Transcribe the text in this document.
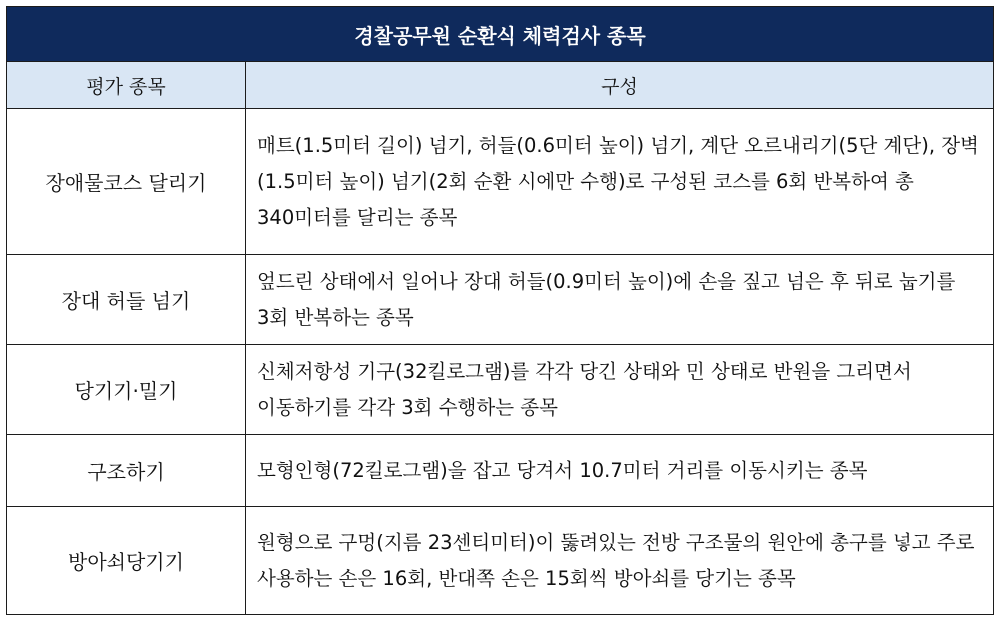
경찰공무원 순환식 체력검사 종목	
평가 종목	구성
장애물코스 달리기	매트(1.5미터 길이) 넘기, 허들(0.6미터 높이) 넘기, 계단 오르내리기(5단 계단), 장벽(1.5미터 높이) 넘기(2회 순환 시에만 수행)로 구성된 코스를 6회 반복하여 총 340미터를 달리는 종목
장대 허들 넘기	엎드린 상태에서 일어나 장대 허들(0.9미터 높이)에 손을 짚고 넘은 후 뒤로 눕기를 3회 반복하는 종목
당기기·밀기	신체저항성 기구(32킬로그램)를 각각 당긴 상태와 민 상태로 반원을 그리면서 이동하기를 각각 3회 수행하는 종목
구조하기	모형인형(72킬로그램)을 잡고 당겨서 10.7미터 거리를 이동시키는 종목
방아쇠당기기	원형으로 구멍(지름 23센티미터)이 뚫려있는 전방 구조물의 원안에 총구를 넣고 주로 사용하는 손은 16회, 반대쪽 손은 15회씩 방아쇠를 당기는 종목
